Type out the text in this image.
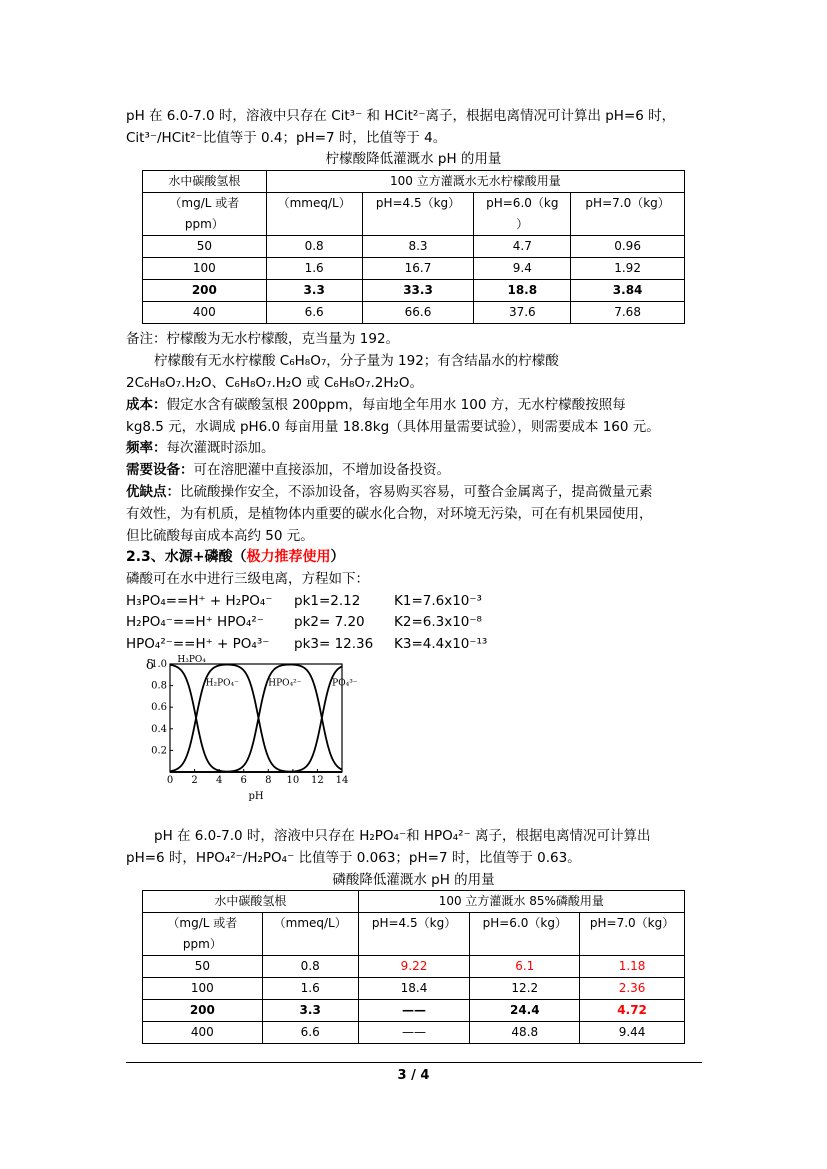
pH 在 6.0-7.0 时，溶液中只存在 Cit³⁻ 和 HCit²⁻离子，根据电离情况可计算出 pH=6 时，
Cit³⁻/HCit²⁻比值等于 0.4；pH=7 时，比值等于 4。
柠檬酸降低灌溉水 pH 的用量
水中碳酸氢根	100 立方灌溉水无水柠檬酸用量			
（mg/L 或者
ppm）	（mmeq/L）	pH=4.5（kg）	pH=6.0（kg
）	pH=7.0（kg）
50	0.8	8.3	4.7	0.96
100	1.6	16.7	9.4	1.92
200	3.3	33.3	18.8	3.84
400	6.6	66.6	37.6	7.68
备注：柠檬酸为无水柠檬酸，克当量为 192。
柠檬酸有无水柠檬酸 C₆H₈O₇，分子量为 192；有含结晶水的柠檬酸
2C₆H₈O₇.H₂O、C₆H₈O₇.H₂O 或 C₆H₈O₇.2H₂O。
成本：假定水含有碳酸氢根 200ppm，每亩地全年用水 100 方，无水柠檬酸按照每
kg8.5 元，水调成 pH6.0 每亩用量 18.8kg（具体用量需要试验），则需要成本 160 元。
频率：每次灌溉时添加。
需要设备：可在溶肥灌中直接添加，不增加设备投资。
优缺点：比硫酸操作安全，不添加设备，容易购买容易，可螯合金属离子，提高微量元素
有效性，为有机质，是植物体内重要的碳水化合物，对环境无污染，可在有机果园使用，
但比硫酸每亩成本高约 50 元。
2.3、水源+磷酸（极力推荐使用）
磷酸可在水中进行三级电离，方程如下：
H₃PO₄==H⁺ + H₂PO₄⁻ pk1=2.12 K1=7.6x10⁻³
H₂PO₄⁻==H⁺ HPO₄²⁻ pk2= 7.20 K2=6.3x10⁻⁸
HPO₄²⁻==H⁺ + PO₄³⁻ pk3= 12.36 K3=4.4x10⁻¹³
0 2 4 6 8 10 12 14
1.0
0.8
0.6
0.4
0.2
pH
δ	H₃PO₄
H₂PO₄⁻	HPO₄²⁻	PO₄³⁻
pH 在 6.0-7.0 时，溶液中只存在 H₂PO₄⁻和 HPO₄²⁻ 离子，根据电离情况可计算出
pH=6 时，HPO₄²⁻/H₂PO₄⁻ 比值等于 0.063；pH=7 时，比值等于 0.63。
磷酸降低灌溉水 pH 的用量
水中碳酸氢根		100 立方灌溉水 85%磷酸用量		
（mg/L 或者
ppm）	（mmeq/L）	pH=4.5（kg）	pH=6.0（kg）	pH=7.0（kg）
50	0.8	9.22	6.1	1.18
100	1.6	18.4	12.2	2.36
200	3.3	——	24.4	4.72
400	6.6	——	48.8	9.44
3 / 4
